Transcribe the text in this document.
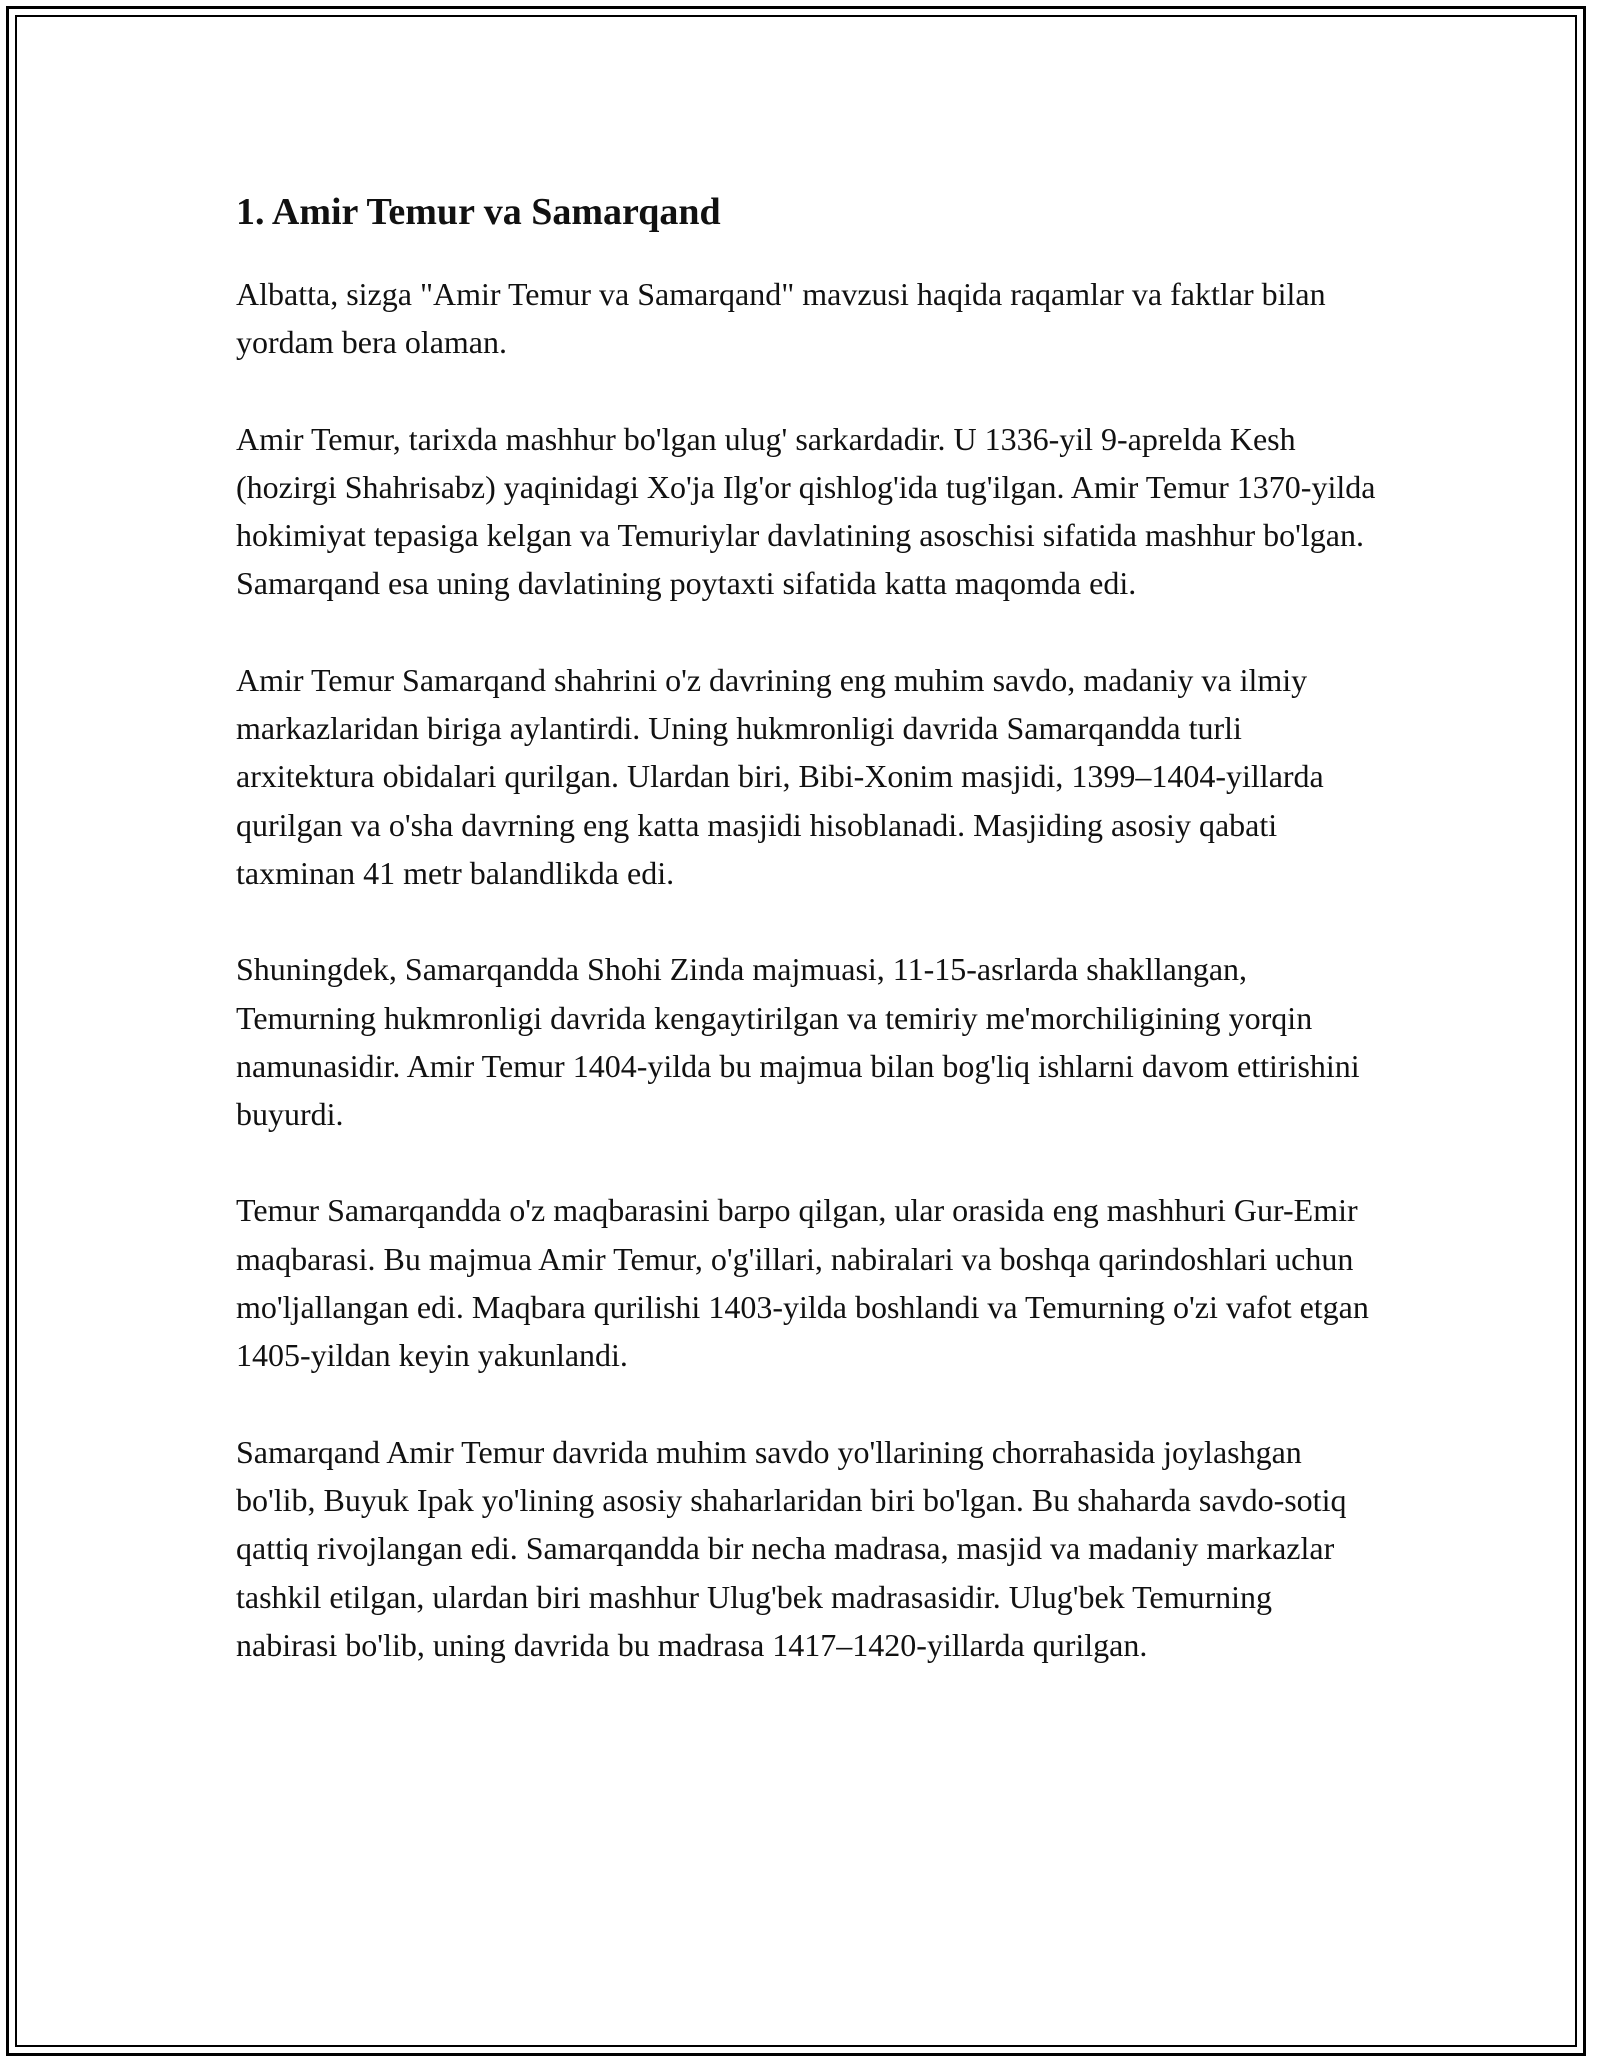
1. Amir Temur va Samarqand

Albatta, sizga "Amir Temur va Samarqand" mavzusi haqida raqamlar va faktlar bilan yordam bera olaman.

Amir Temur, tarixda mashhur bo'lgan ulug' sarkardadir. U 1336-yil 9-aprelda Kesh (hozirgi Shahrisabz) yaqinidagi Xo'ja Ilg'or qishlog'ida tug'ilgan. Amir Temur 1370-yilda hokimiyat tepasiga kelgan va Temuriylar davlatining asoschisi sifatida mashhur bo'lgan. Samarqand esa uning davlatining poytaxti sifatida katta maqomda edi.

Amir Temur Samarqand shahrini o'z davrining eng muhim savdo, madaniy va ilmiy markazlaridan biriga aylantirdi. Uning hukmronligi davrida Samarqandda turli arxitektura obidalari qurilgan. Ulardan biri, Bibi-Xonim masjidi, 1399–1404-yillarda qurilgan va o'sha davrning eng katta masjidi hisoblanadi. Masjiding asosiy qabati taxminan 41 metr balandlikda edi.

Shuningdek, Samarqandda Shohi Zinda majmuasi, 11-15-asrlarda shakllangan, Temurning hukmronligi davrida kengaytirilgan va temiriy me'morchiligining yorqin namunasidir. Amir Temur 1404-yilda bu majmua bilan bog'liq ishlarni davom ettirishini buyurdi.

Temur Samarqandda o'z maqbarasini barpo qilgan, ular orasida eng mashhuri Gur-Emir maqbarasi. Bu majmua Amir Temur, o'g'illari, nabiralari va boshqa qarindoshlari uchun mo'ljallangan edi. Maqbara qurilishi 1403-yilda boshlandi va Temurning o'zi vafot etgan 1405-yildan keyin yakunlandi.

Samarqand Amir Temur davrida muhim savdo yo'llarining chorrahasida joylashgan bo'lib, Buyuk Ipak yo'lining asosiy shaharlaridan biri bo'lgan. Bu shaharda savdo-sotiq qattiq rivojlangan edi. Samarqandda bir necha madrasa, masjid va madaniy markazlar tashkil etilgan, ulardan biri mashhur Ulug'bek madrasasidir. Ulug'bek Temurning nabirasi bo'lib, uning davrida bu madrasa 1417–1420-yillarda qurilgan.
